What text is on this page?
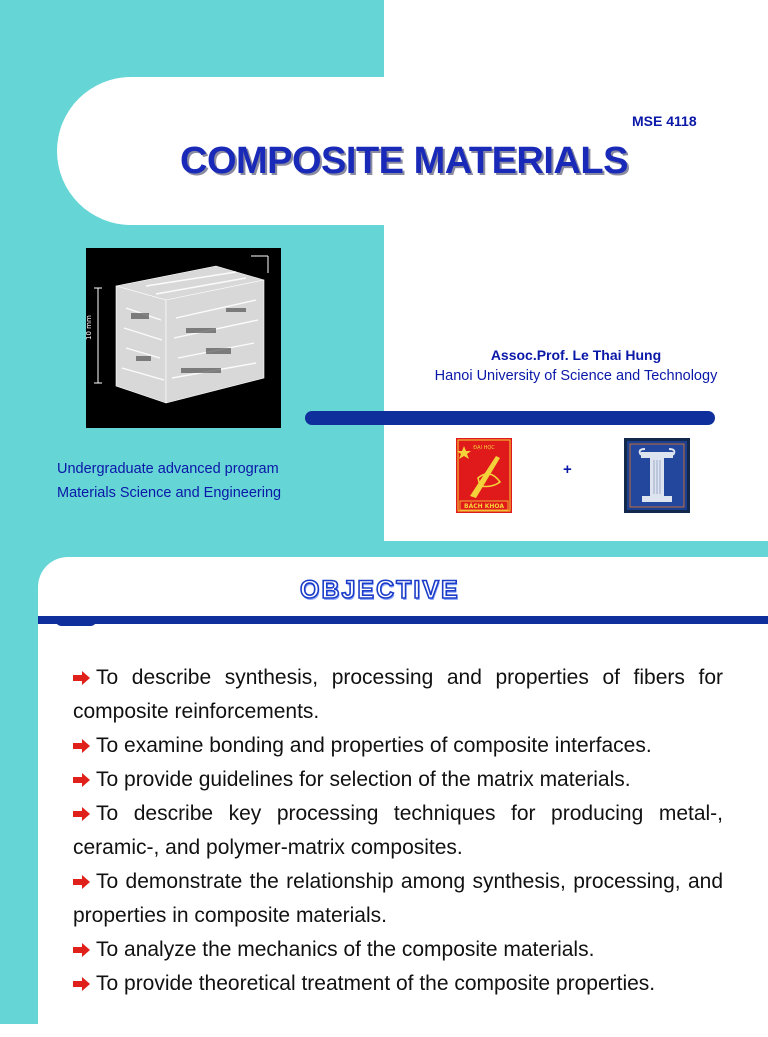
MSE 4118
COMPOSITE MATERIALS
10 mm
Assoc.Prof. Le Thai Hung
Hanoi University of Science and Technology
Undergraduate advanced program
Materials Science and Engineering
ĐẠI HỌC
BÁCH KHOA
+
OBJECTIVE
To describe synthesis, processing and properties of fibers for composite reinforcements.
To examine bonding and properties of composite interfaces.
To provide guidelines for selection of the matrix materials.
To describe key processing techniques for producing metal-, ceramic-, and polymer-matrix composites.
To demonstrate the relationship among synthesis, processing, and properties in composite materials.
To analyze the mechanics of the composite materials.
To provide theoretical treatment of the composite properties.
